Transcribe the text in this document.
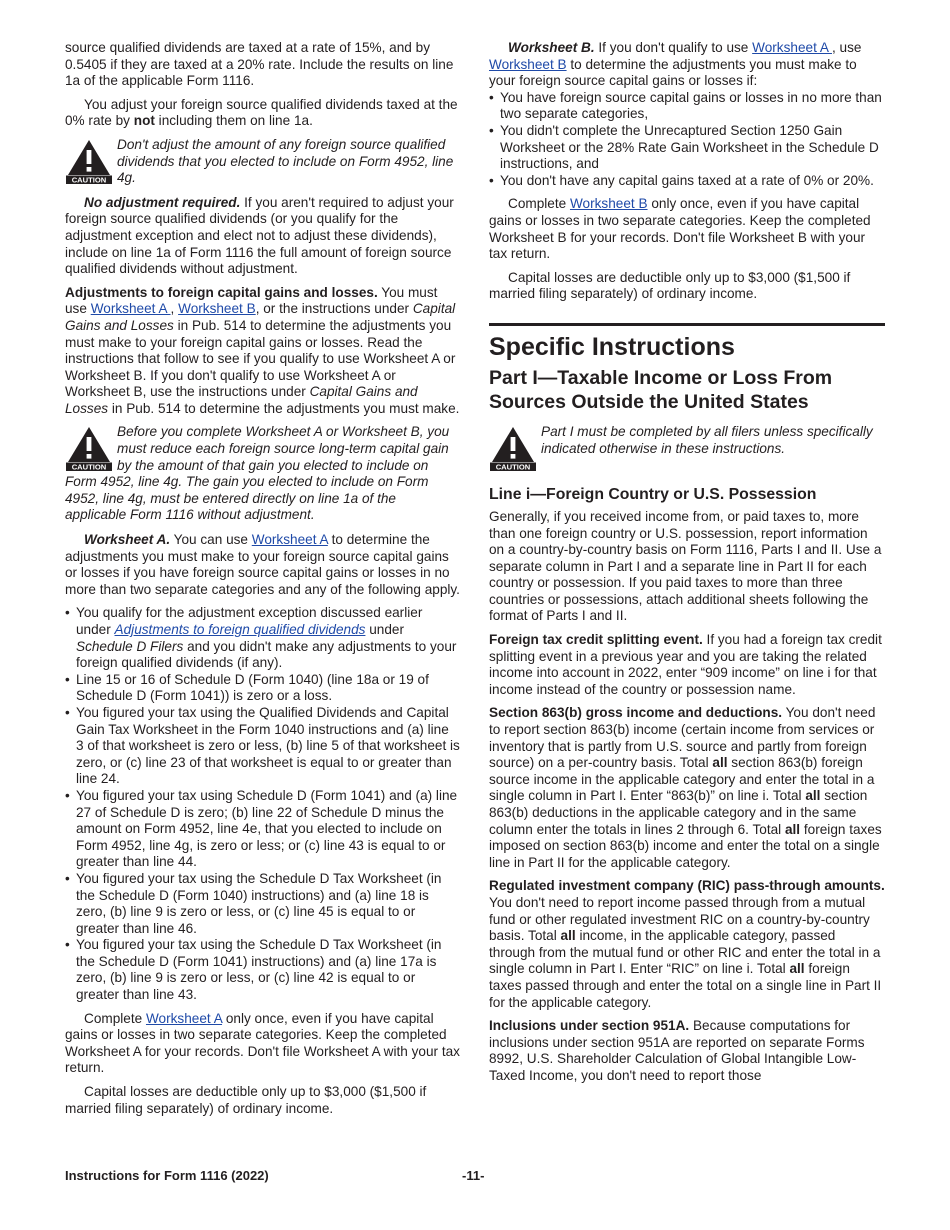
source qualified dividends are taxed at a rate of 15%, and by 0.5405 if they are taxed at a 20% rate. Include the results on line 1a of the applicable Form 1116.

You adjust your foreign source qualified dividends taxed at the 0% rate by not including them on line 1a.

CAUTION
Don't adjust the amount of any foreign source qualified dividends that you elected to include on Form 4952, line 4g.

No adjustment required. If you aren't required to adjust your foreign source qualified dividends (or you qualify for the adjustment exception and elect not to adjust these dividends), include on line 1a of Form 1116 the full amount of foreign source qualified dividends without adjustment.

Adjustments to foreign capital gains and losses. You must use Worksheet A , Worksheet B, or the instructions under Capital Gains and Losses in Pub. 514 to determine the adjustments you must make to your foreign capital gains or losses. Read the instructions that follow to see if you qualify to use Worksheet A or Worksheet B. If you don't qualify to use Worksheet A or Worksheet B, use the instructions under Capital Gains and Losses in Pub. 514 to determine the adjustments you must make.

CAUTION
Before you complete Worksheet A or Worksheet B, you must reduce each foreign source long-term capital gain by the amount of that gain you elected to include on Form 4952, line 4g. The gain you elected to include on Form 4952, line 4g, must be entered directly on line 1a of the applicable Form 1116 without adjustment.

Worksheet A. You can use Worksheet A to determine the adjustments you must make to your foreign source capital gains or losses if you have foreign source capital gains or losses in no more than two separate categories and any of the following apply.

• You qualify for the adjustment exception discussed earlier under Adjustments to foreign qualified dividends under Schedule D Filers and you didn't make any adjustments to your foreign qualified dividends (if any).

• Line 15 or 16 of Schedule D (Form 1040) (line 18a or 19 of Schedule D (Form 1041)) is zero or a loss.

• You figured your tax using the Qualified Dividends and Capital Gain Tax Worksheet in the Form 1040 instructions and (a) line 3 of that worksheet is zero or less, (b) line 5 of that worksheet is zero, or (c) line 23 of that worksheet is equal to or greater than line 24.

• You figured your tax using Schedule D (Form 1041) and (a) line 27 of Schedule D is zero; (b) line 22 of Schedule D minus the amount on Form 4952, line 4e, that you elected to include on Form 4952, line 4g, is zero or less; or (c) line 43 is equal to or greater than line 44.

• You figured your tax using the Schedule D Tax Worksheet (in the Schedule D (Form 1040) instructions) and (a) line 18 is zero, (b) line 9 is zero or less, or (c) line 45 is equal to or greater than line 46.

• You figured your tax using the Schedule D Tax Worksheet (in the Schedule D (Form 1041) instructions) and (a) line 17a is zero, (b) line 9 is zero or less, or (c) line 42 is equal to or greater than line 43.

Complete Worksheet A only once, even if you have capital gains or losses in two separate categories. Keep the completed Worksheet A for your records. Don't file Worksheet A with your tax return.

Capital losses are deductible only up to $3,000 ($1,500 if married filing separately) of ordinary income.

Worksheet B. If you don't qualify to use Worksheet A , use Worksheet B to determine the adjustments you must make to your foreign source capital gains or losses if:

• You have foreign source capital gains or losses in no more than two separate categories,

• You didn't complete the Unrecaptured Section 1250 Gain Worksheet or the 28% Rate Gain Worksheet in the Schedule D instructions, and

• You don't have any capital gains taxed at a rate of 0% or 20%.

Complete Worksheet B only once, even if you have capital gains or losses in two separate categories. Keep the completed Worksheet B for your records. Don't file Worksheet B with your tax return.

Capital losses are deductible only up to $3,000 ($1,500 if married filing separately) of ordinary income.

Specific Instructions
Part I—Taxable Income or Loss From Sources Outside the United States
CAUTION
Part I must be completed by all filers unless specifically indicated otherwise in these instructions.
Line i—Foreign Country or U.S. Possession

Generally, if you received income from, or paid taxes to, more than one foreign country or U.S. possession, report information on a country-by-country basis on Form 1116, Parts I and II. Use a separate column in Part I and a separate line in Part II for each country or possession. If you paid taxes to more than three countries or possessions, attach additional sheets following the format of Parts I and II.

Foreign tax credit splitting event. If you had a foreign tax credit splitting event in a previous year and you are taking the related income into account in 2022, enter “909 income” on line i for that income instead of the country or possession name.

Section 863(b) gross income and deductions. You don't need to report section 863(b) income (certain income from services or inventory that is partly from U.S. source and partly from foreign source) on a per-country basis. Total all section 863(b) foreign source income in the applicable category and enter the total in a single column in Part I. Enter “863(b)” on line i. Total all section 863(b) deductions in the applicable category and in the same column enter the totals in lines 2 through 6. Total all foreign taxes imposed on section 863(b) income and enter the total on a single line in Part II for the applicable category.

Regulated investment company (RIC) pass-through amounts. You don't need to report income passed through from a mutual fund or other regulated investment RIC on a country-by-country basis. Total all income, in the applicable category, passed through from the mutual fund or other RIC and enter the total in a single column in Part I. Enter “RIC” on line i. Total all foreign taxes passed through and enter the total on a single line in Part II for the applicable category.

Inclusions under section 951A. Because computations for inclusions under section 951A are reported on separate Forms 8992, U.S. Shareholder Calculation of Global Intangible Low-Taxed Income, you don't need to report those

Instructions for Form 1116 (2022)	-11-
